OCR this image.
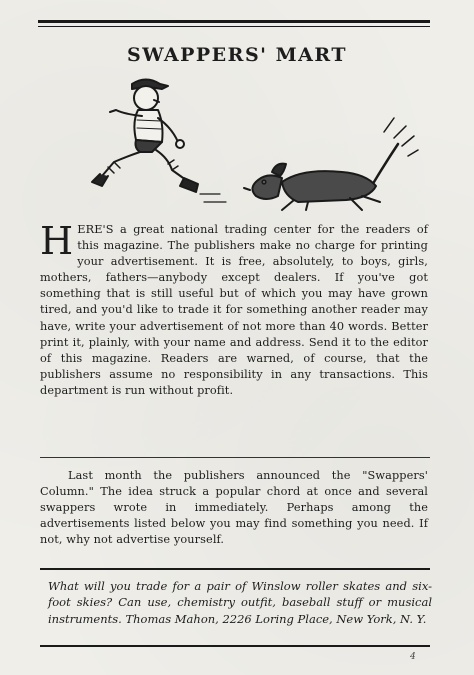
SWAPPERS' MART
HERE'S a great national trading center for the readers of this magazine. The publishers make no charge for printing your advertisement. It is free, absolutely, to boys, girls, mothers, fathers—anybody except dealers. If you've got something that is still useful but of which you may have grown tired, and you'd like to trade it for something another reader may have, write your advertisement of not more than 40 words. Better print it, plainly, with your name and address. Send it to the editor of this magazine. Readers are warned, of course, that the publishers assume no responsibility in any transactions. This department is run without profit.
Last month the publishers announced the "Swappers' Column." The idea struck a popular chord at once and several swappers wrote in immediately. Perhaps among the advertisements listed below you may find something you need. If not, why not advertise yourself.
What will you trade for a pair of Winslow roller skates and six-foot skies? Can use, chemistry outfit, baseball stuff or musical instruments. Thomas Mahon, 2226 Loring Place, New York, N. Y.
4
